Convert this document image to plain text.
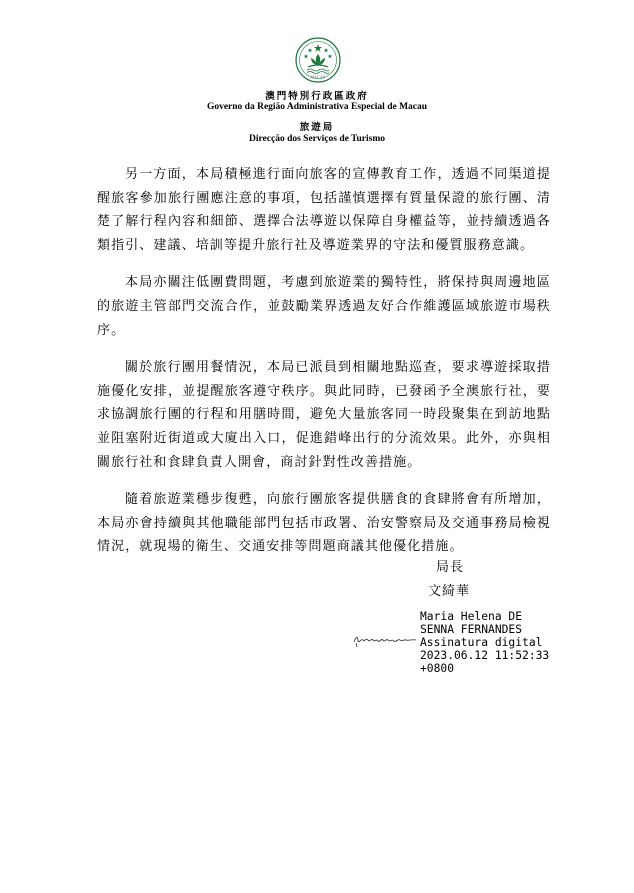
MACAU
澳門特別行政區政府
Governo da Região Administrativa Especial de Macau
旅遊局
Direcção dos Serviços de Turismo

另一方面，本局積極進行面向旅客的宣傳教育工作，透過不同渠道提醒旅客參加旅行團應注意的事項，包括謹慎選擇有質量保證的旅行團、清楚了解行程內容和細節、選擇合法導遊以保障自身權益等，並持續透過各類指引、建議、培訓等提升旅行社及導遊業界的守法和優質服務意識。

本局亦關注低團費問題，考慮到旅遊業的獨特性，將保持與周邊地區的旅遊主管部門交流合作，並鼓勵業界透過友好合作維護區域旅遊市場秩序。

關於旅行團用餐情況，本局已派員到相關地點巡查，要求導遊採取措施優化安排，並提醒旅客遵守秩序。與此同時，已發函予全澳旅行社，要求協調旅行團的行程和用膳時間，避免大量旅客同一時段聚集在到訪地點並阻塞附近街道或大廈出入口，促進錯峰出行的分流效果。此外，亦與相關旅行社和食肆負責人開會，商討針對性改善措施。

隨着旅遊業穩步復甦，向旅行團旅客提供膳食的食肆將會有所增加，本局亦會持續與其他職能部門包括市政署、治安警察局及交通事務局檢視情況，就現場的衛生、交通安排等問題商議其他優化措施。

局長
文綺華
Maria Helena DE
SENNA FERNANDES
Assinatura digital
2023.06.12 11:52:33
+0800
